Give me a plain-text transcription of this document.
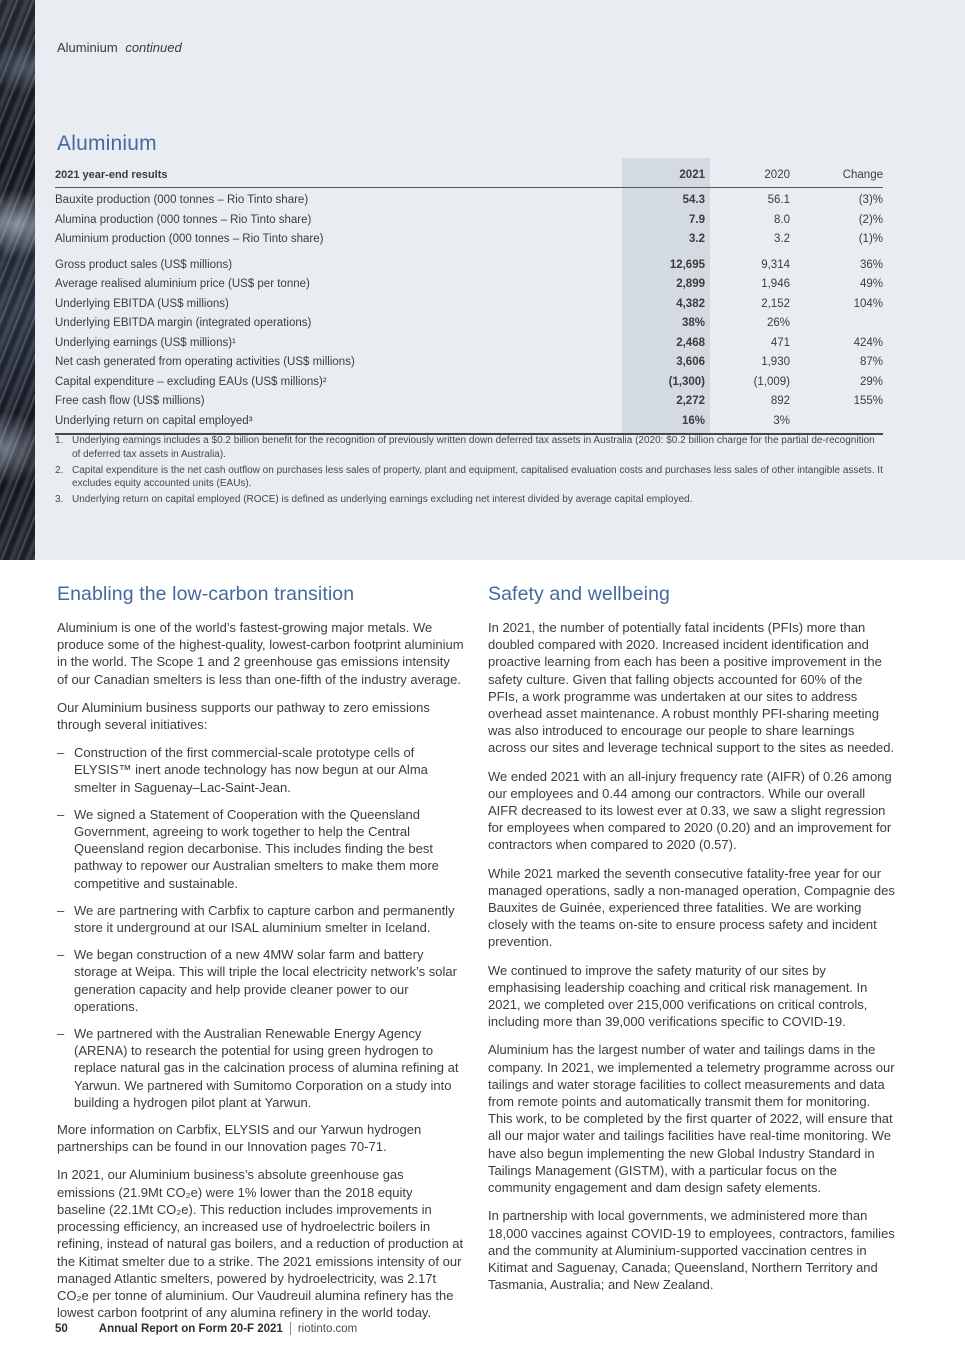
Aluminium continued
Aluminium
2021 year-end results	2021	2020	Change
Bauxite production (000 tonnes – Rio Tinto share)	54.3	56.1	(3)%
Alumina production (000 tonnes – Rio Tinto share)	7.9	8.0	(2)%
Aluminium production (000 tonnes – Rio Tinto share)	3.2	3.2	(1)%
Gross product sales (US$ millions)	12,695	9,314	36%
Average realised aluminium price (US$ per tonne)	2,899	1,946	49%
Underlying EBITDA (US$ millions)	4,382	2,152	104%
Underlying EBITDA margin (integrated operations)	38%	26%	
Underlying earnings (US$ millions)¹	2,468	471	424%
Net cash generated from operating activities (US$ millions)	3,606	1,930	87%
Capital expenditure – excluding EAUs (US$ millions)²	(1,300)	(1,009)	29%
Free cash flow (US$ millions)	2,272	892	155%
Underlying return on capital employed³	16%	3%	
1. Underlying earnings includes a $0.2 billion benefit for the recognition of previously written down deferred tax assets in Australia (2020: $0.2 billion charge for the partial de-recognition of deferred tax assets in Australia).
2. Capital expenditure is the net cash outflow on purchases less sales of property, plant and equipment, capitalised evaluation costs and purchases less sales of other intangible assets. It excludes equity accounted units (EAUs).
3. Underlying return on capital employed (ROCE) is defined as underlying earnings excluding net interest divided by average capital employed.
Enabling the low-carbon transition

Aluminium is one of the world’s fastest-growing major metals. We produce some of the highest-quality, lowest-carbon footprint aluminium in the world. The Scope 1 and 2 greenhouse gas emissions intensity of our Canadian smelters is less than one-fifth of the industry average.

Our Aluminium business supports our pathway to zero emissions through several initiatives:

– Construction of the first commercial-scale prototype cells of ELYSIS™ inert anode technology has now begun at our Alma smelter in Saguenay–Lac-Saint-Jean.
– We signed a Statement of Cooperation with the Queensland Government, agreeing to work together to help the Central Queensland region decarbonise. This includes finding the best pathway to repower our Australian smelters to make them more competitive and sustainable.
– We are partnering with Carbfix to capture carbon and permanently store it underground at our ISAL aluminium smelter in Iceland.
– We began construction of a new 4MW solar farm and battery storage at Weipa. This will triple the local electricity network’s solar generation capacity and help provide cleaner power to our operations.
– We partnered with the Australian Renewable Energy Agency (ARENA) to research the potential for using green hydrogen to replace natural gas in the calcination process of alumina refining at Yarwun. We partnered with Sumitomo Corporation on a study into building a hydrogen pilot plant at Yarwun.

More information on Carbfix, ELYSIS and our Yarwun hydrogen partnerships can be found in our Innovation pages 70-71.

In 2021, our Aluminium business’s absolute greenhouse gas emissions (21.9Mt CO₂e) were 1% lower than the 2018 equity baseline (22.1Mt CO₂e). This reduction includes improvements in processing efficiency, an increased use of hydroelectric boilers in refining, instead of natural gas boilers, and a reduction of production at the Kitimat smelter due to a strike. The 2021 emissions intensity of our managed Atlantic smelters, powered by hydroelectricity, was 2.17t CO₂e per tonne of aluminium. Our Vaudreuil alumina refinery has the lowest carbon footprint of any alumina refinery in the world today.

Safety and wellbeing

In 2021, the number of potentially fatal incidents (PFIs) more than doubled compared with 2020. Increased incident identification and proactive learning from each has been a positive improvement in the safety culture. Given that falling objects accounted for 60% of the PFIs, a work programme was undertaken at our sites to address overhead asset maintenance. A robust monthly PFI-sharing meeting was also introduced to encourage our people to share learnings across our sites and leverage technical support to the sites as needed.

We ended 2021 with an all-injury frequency rate (AIFR) of 0.26 among our employees and 0.44 among our contractors. While our overall AIFR decreased to its lowest ever at 0.33, we saw a slight regression for employees when compared to 2020 (0.20) and an improvement for contractors when compared to 2020 (0.57).

While 2021 marked the seventh consecutive fatality-free year for our managed operations, sadly a non-managed operation, Compagnie des Bauxites de Guinée, experienced three fatalities. We are working closely with the teams on-site to ensure process safety and incident prevention.

We continued to improve the safety maturity of our sites by emphasising leadership coaching and critical risk management. In 2021, we completed over 215,000 verifications on critical controls, including more than 39,000 verifications specific to COVID-19.

Aluminium has the largest number of water and tailings dams in the company. In 2021, we implemented a telemetry programme across our tailings and water storage facilities to collect measurements and data from remote points and automatically transmit them for monitoring. This work, to be completed by the first quarter of 2022, will ensure that all our major water and tailings facilities have real-time monitoring. We have also begun implementing the new Global Industry Standard in Tailings Management (GISTM), with a particular focus on the community engagement and dam design safety elements.

In partnership with local governments, we administered more than 18,000 vaccines against COVID-19 to employees, contractors, families and the community at Aluminium-supported vaccination centres in Kitimat and Saguenay, Canada; Queensland, Northern Territory and Tasmania, Australia; and New Zealand.

50	Annual Report on Form 20-F 2021 riotinto.com
